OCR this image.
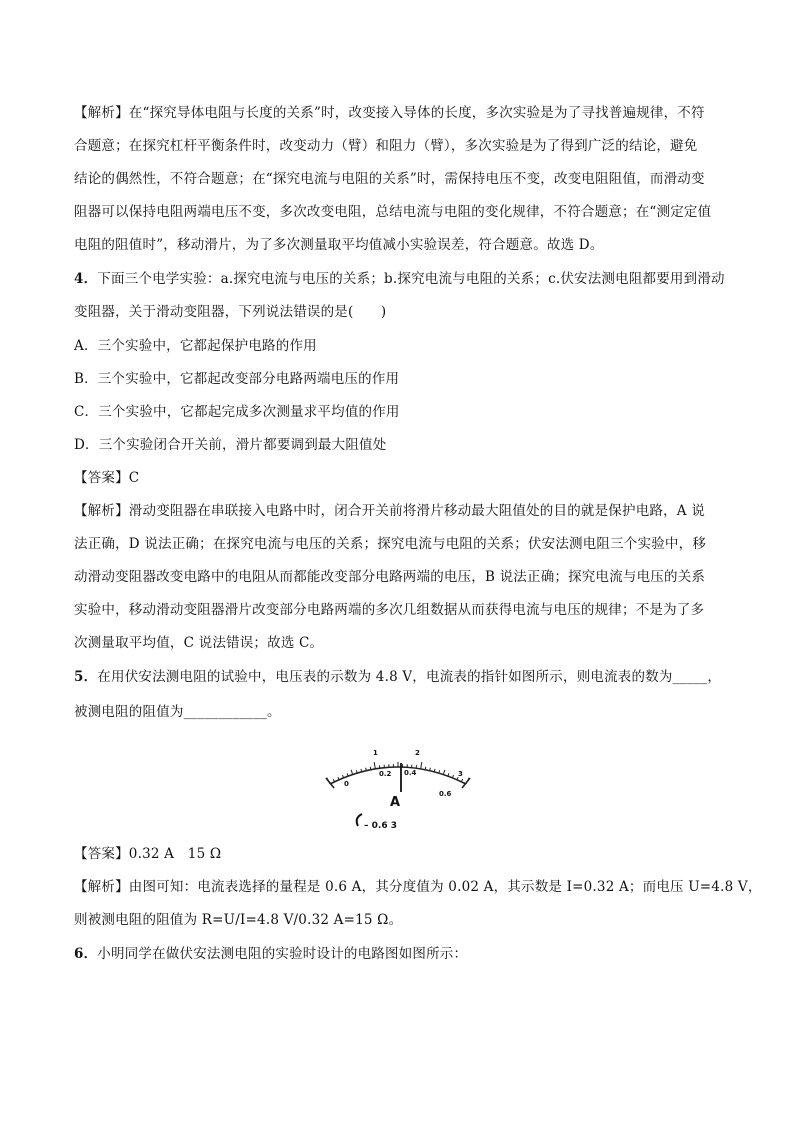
【解析】在“探究导体电阻与长度的关系”时，改变接入导体的长度，多次实验是为了寻找普遍规律，不符
合题意；在探究杠杆平衡条件时，改变动力（臂）和阻力（臂），多次实验是为了得到广泛的结论，避免
结论的偶然性，不符合题意；在“探究电流与电阻的关系”时，需保持电压不变，改变电阻阻值，而滑动变
阻器可以保持电阻两端电压不变，多次改变电阻，总结电流与电阻的变化规律，不符合题意；在“测定定值
电阻的阻值时”，移动滑片，为了多次测量取平均值减小实验误差，符合题意。故选 D。
4．下面三个电学实验：a.探究电流与电压的关系；b.探究电流与电阻的关系；c.伏安法测电阻都要用到滑动
变阻器，关于滑动变阻器，下列说法错误的是(　　)
A．三个实验中，它都起保护电路的作用
B．三个实验中，它都起改变部分电路两端电压的作用
C．三个实验中，它都起完成多次测量求平均值的作用
D．三个实验闭合开关前，滑片都要调到最大阻值处
【答案】C
【解析】滑动变阻器在串联接入电路中时，闭合开关前将滑片移动最大阻值处的目的就是保护电路，A 说
法正确，D 说法正确；在探究电流与电压的关系；探究电流与电阻的关系；伏安法测电阻三个实验中，移
动滑动变阻器改变电路中的电阻从而都能改变部分电路两端的电压，B 说法正确；探究电流与电压的关系
实验中，移动滑动变阻器滑片改变部分电路两端的多次几组数据从而获得电流与电压的规律；不是为了多
次测量取平均值，C 说法错误；故选 C。
5．在用伏安法测电阻的试验中，电压表的示数为 4.8 V，电流表的指针如图所示，则电流表的数为_____，
被测电阻的阻值为____________。
0
1	2
3
0.2 0.4
0.6
A
– 0.6 3
【答案】0.32 A　15 Ω
【解析】由图可知：电流表选择的量程是 0.6 A，其分度值为 0.02 A，其示数是 I=0.32 A；而电压 U=4.8 V，
则被测电阻的阻值为 R=U/I=4.8 V/0.32 A=15 Ω。
6．小明同学在做伏安法测电阻的实验时设计的电路图如图所示：
